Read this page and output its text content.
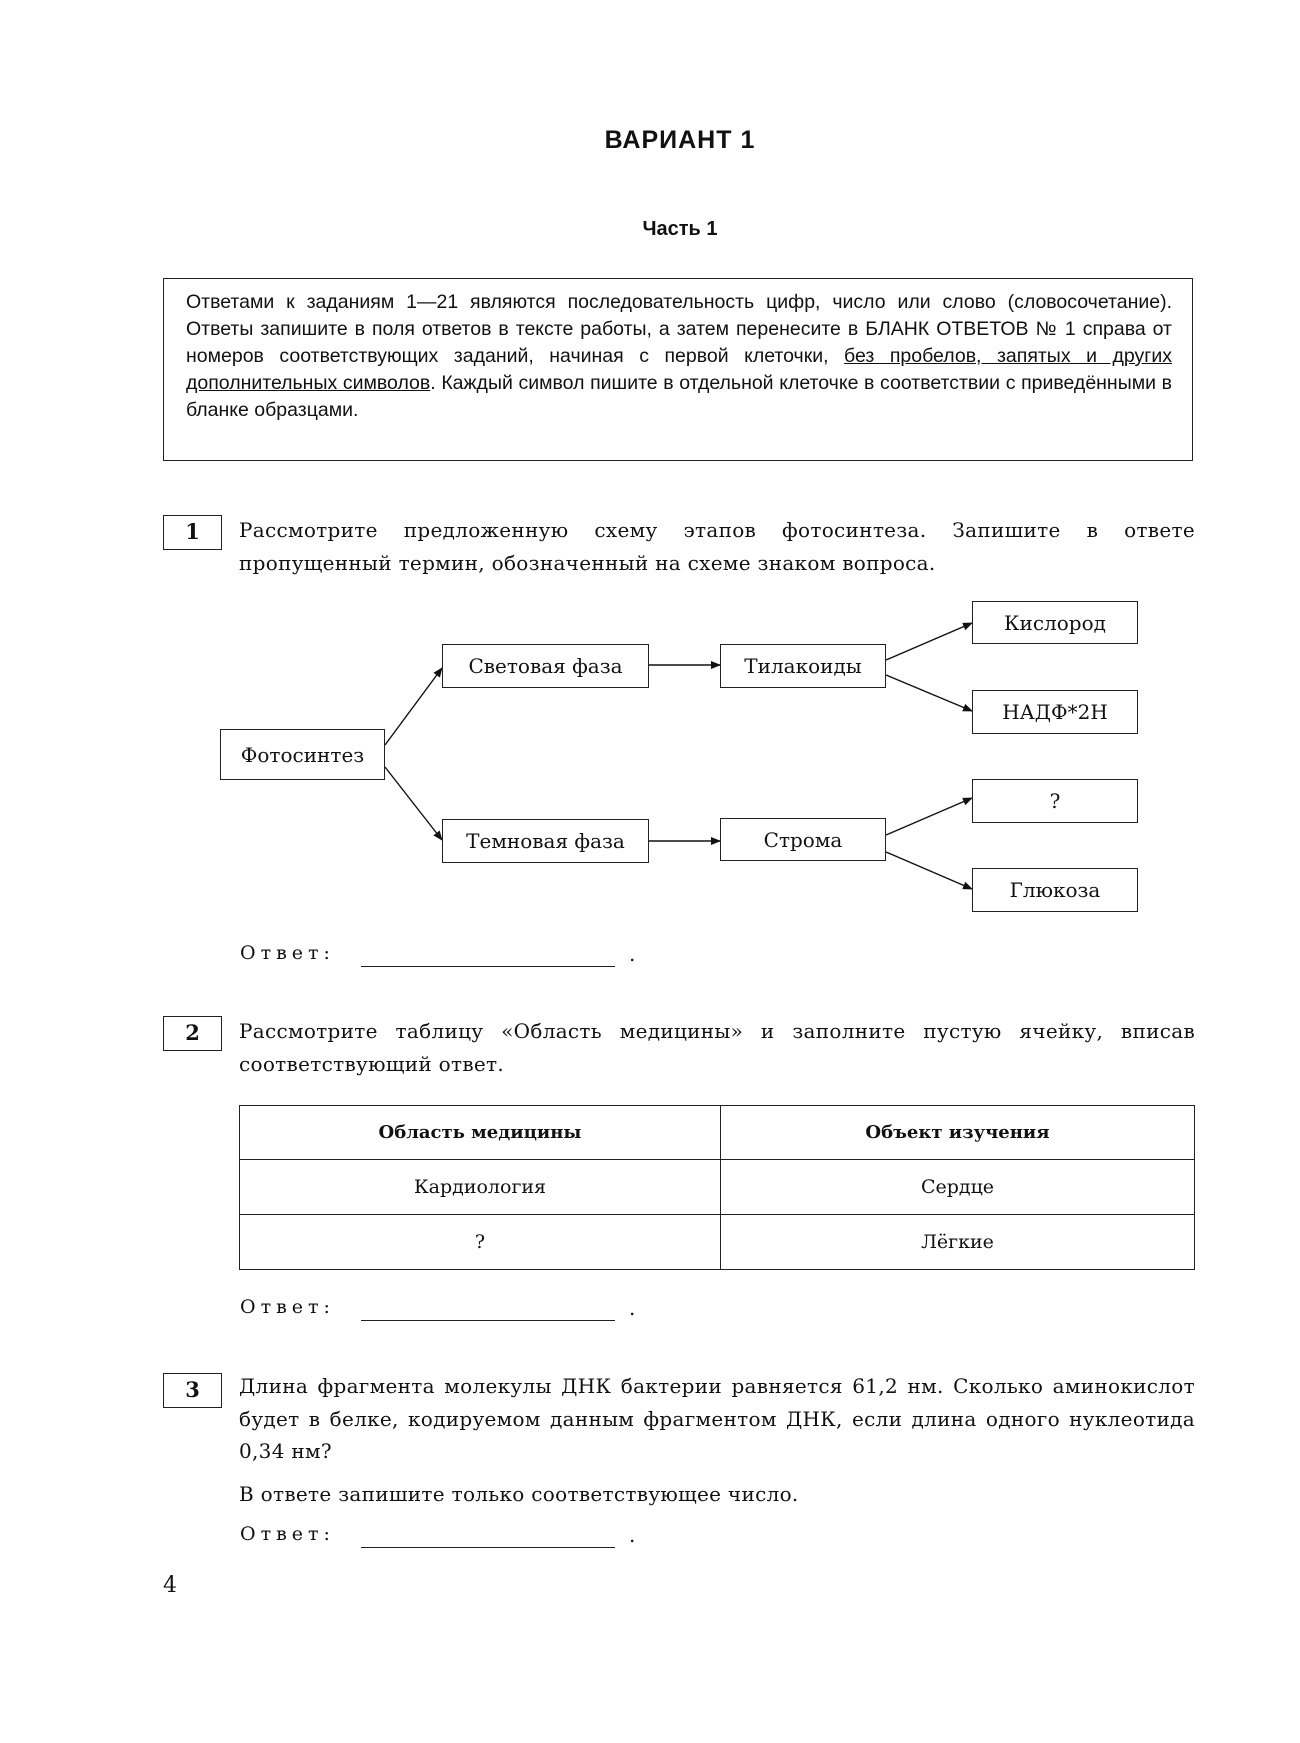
ВАРИАНТ 1
Часть 1
Ответами к заданиям 1—21 являются последовательность цифр, число или слово (словосочетание). Ответы запишите в поля ответов в тексте работы, а затем перенесите в БЛАНК ОТВЕТОВ № 1 справа от номеров соответствующих заданий, начиная с первой клеточки, без пробелов, запятых и других дополнительных символов. Каждый символ пишите в отдельной клеточке в соответствии с приведёнными в бланке образцами.
1	Рассмотрите предложенную схему этапов фотосинтеза. Запишите в ответе пропущенный термин, обозначенный на схеме знаком вопроса.
Фотосинтез
Световая фаза	Тилакоиды
Кислород
НАДФ*2Н
Темновая фаза	Строма
?
Глюкоза
Ответ:	.
2	Рассмотрите таблицу «Область медицины» и заполните пустую ячейку, вписав соответствующий ответ.
Область медицины	Объект изучения
Кардиология	Сердце
?	Лёгкие
Ответ:	.
3	Длина фрагмента молекулы ДНК бактерии равняется 61,2 нм. Сколько аминокислот будет в белке, кодируемом данным фрагментом ДНК, если длина одного нуклеотида 0,34 нм?
В ответе запишите только соответствующее число.
Ответ:	.
4
